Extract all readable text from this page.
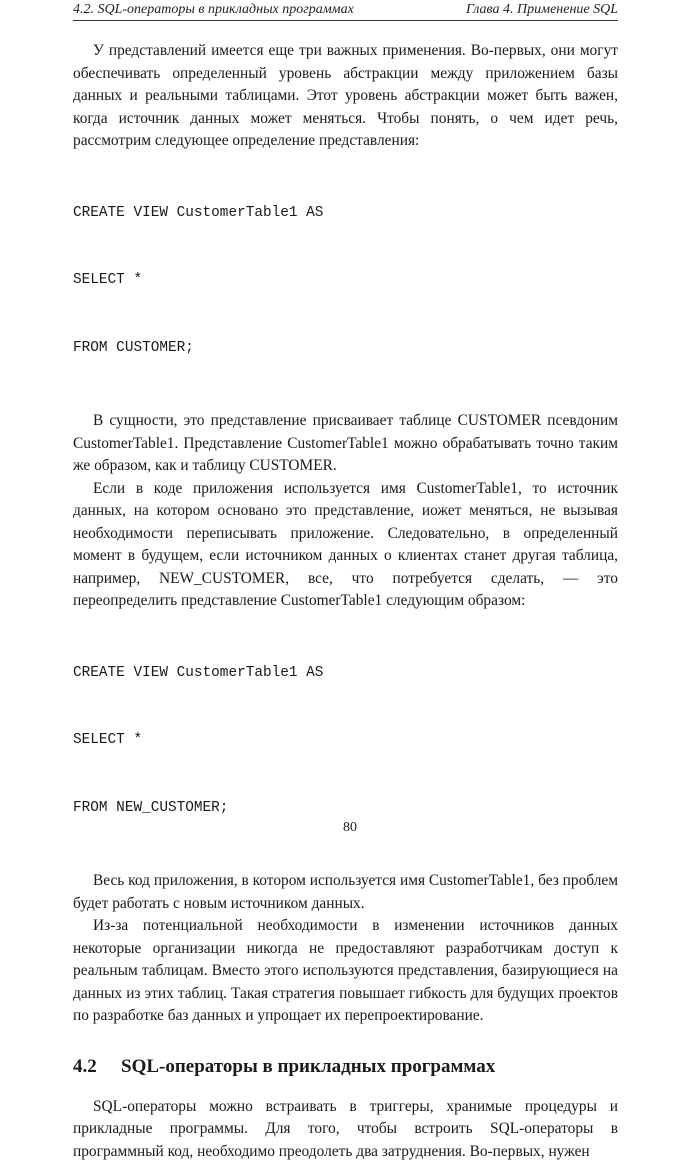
4.2. SQL-операторы в прикладных программах	Глава 4. Применение SQL

У представлений имеется еще три важных применения. Во-первых, они могут обеспечивать определенный уровень абстракции между приложением базы данных и реальными таблицами. Этот уровень абстракции может быть важен, когда источник данных может меняться. Чтобы понять, о чем идет речь, рассмотрим следующее определение представления:

CREATE VIEW CustomerTable1 AS

SELECT *

FROM CUSTOMER;

В сущности, это представление присваивает таблице CUSTOMER псевдоним CustomerTable1. Представление CustomerTable1 можно обрабатывать точно таким же образом, как и таблицу CUSTOMER.

Если в коде приложения используется имя CustomerTable1, то источник данных, на котором основано это представление, иожет меняться, не вызывая необходимости переписывать приложение. Следовательно, в определенный момент в будущем, если источником данных о клиентах станет другая таблица, например, NEW_CUSTOMER, все, что потребуется сделать, — это переопределить представление CustomerTable1 следующим образом:

CREATE VIEW CustomerTable1 AS

SELECT *

FROM NEW_CUSTOMER;

Весь код приложения, в котором используется имя CustomerTable1, без проблем будет работать с новым источником данных.

Из-за потенциальной необходимости в изменении источников данных некоторые организации никогда не предоставляют разработчикам доступ к реальным таблицам. Вместо этого используются представления, базирующиеся на данных из этих таблиц. Такая стратегия повышает гибкость для будущих проектов по разработке баз данных и упрощает их перепроектирование.

4.2 SQL-операторы в прикладных программах

SQL-операторы можно встраивать в триггеры, хранимые процедуры и прикладные программы. Для того, чтобы встроить SQL-операторы в программный код, необходимо преодолеть два затруднения. Во-первых, нужен

80
